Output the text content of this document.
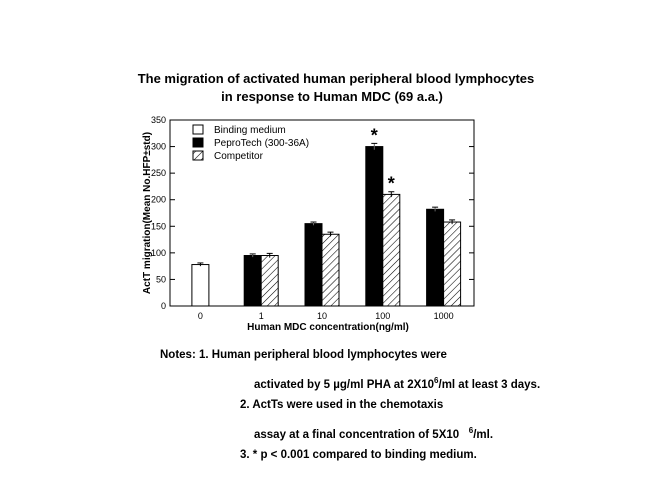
The migration of activated human peripheral blood lymphocytes
in response to Human MDC (69 a.a.)
0
50
100
150
200
250
300
350
0	1	10	100	1000
*
*
ActT migration(Mean No.HFP±std)
Human MDC concentration(ng/ml)
Binding medium
PeproTech (300-36A)
Competitor
Notes: 1. Human peripheral blood lymphocytes were
activated by 5 µg/ml PHA at $2X10^6/ml$ at least 3 days.
2. ActTs were used in the chemotaxis
assay at a final concentration of 5X10 $^6$/ml.
3. * p < 0.001 compared to binding medium.
